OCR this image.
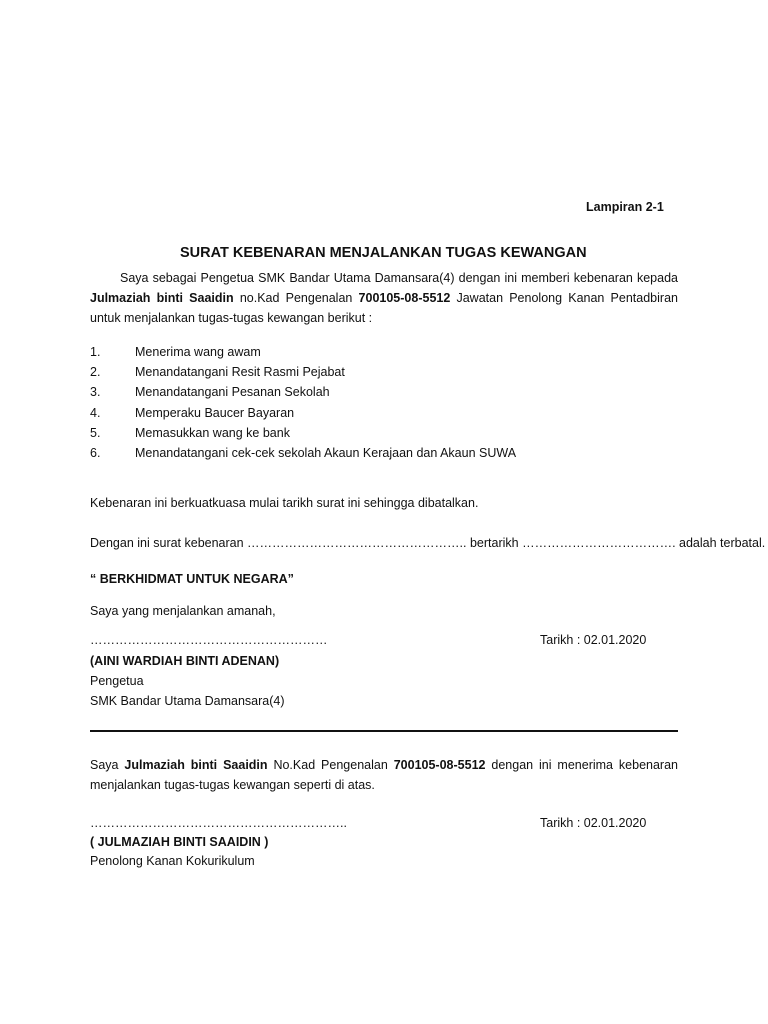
Lampiran 2-1
SURAT KEBENARAN MENJALANKAN TUGAS KEWANGAN
Saya sebagai Pengetua SMK Bandar Utama Damansara(4) dengan ini memberi kebenaran kepada Julmaziah binti Saaidin no.Kad Pengenalan 700105-08-5512 Jawatan Penolong Kanan Pentadbiran untuk menjalankan tugas-tugas kewangan berikut :
1.	Menerima wang awam
2.	Menandatangani Resit Rasmi Pejabat
3.	Menandatangani Pesanan Sekolah
4.	Memperaku Baucer Bayaran
5.	Memasukkan wang ke bank
6.	Menandatangani cek-cek sekolah Akaun Kerajaan dan Akaun SUWA
Kebenaran ini berkuatkuasa mulai tarikh surat ini sehingga dibatalkan.
Dengan ini surat kebenaran …………………………………………….. bertarikh ………………………………. adalah terbatal.
“ BERKHIDMAT UNTUK NEGARA”
Saya yang menjalankan amanah,
…………………………………………………	Tarikh : 02.01.2020
(AINI WARDIAH BINTI ADENAN)
Pengetua
SMK Bandar Utama Damansara(4)
Saya Julmaziah binti Saaidin No.Kad Pengenalan 700105-08-5512 dengan ini menerima kebenaran menjalankan tugas-tugas kewangan seperti di atas.
……………………………………………………..	Tarikh : 02.01.2020
( JULMAZIAH BINTI SAAIDIN )
Penolong Kanan Kokurikulum
